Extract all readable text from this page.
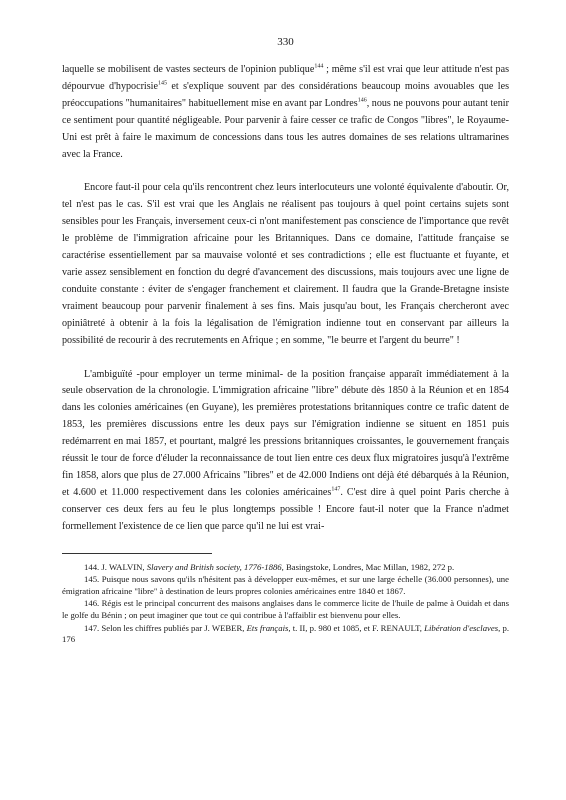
330

laquelle se mobilisent de vastes secteurs de l'opinion publique$^{144}$ ; même s'il est vrai que leur attitude n'est pas dépourvue d'hypocrisie$^{145}$ et s'explique souvent par des considérations beaucoup moins avouables que les préoccupations "humanitaires" habituellement mise en avant par Londres$^{146}$, nous ne pouvons pour autant tenir ce sentiment pour quantité négligeable. Pour parvenir à faire cesser ce trafic de Congos "libres", le Royaume-Uni est prêt à faire le maximum de concessions dans tous les autres domaines de ses relations ultramarines avec la France.

Encore faut-il pour cela qu'ils rencontrent chez leurs interlocuteurs une volonté équivalente d'aboutir. Or, tel n'est pas le cas. S'il est vrai que les Anglais ne réalisent pas toujours à quel point certains sujets sont sensibles pour les Français, inversement ceux-ci n'ont manifestement pas conscience de l'importance que revêt le problème de l'immigration africaine pour les Britanniques. Dans ce domaine, l'attitude française se caractérise essentiellement par sa mauvaise volonté et ses contradictions ; elle est fluctuante et fuyante, et varie assez sensiblement en fonction du degré d'avancement des discussions, mais toujours avec une ligne de conduite constante : éviter de s'engager franchement et clairement. Il faudra que la Grande-Bretagne insiste vraiment beaucoup pour parvenir finalement à ses fins. Mais jusqu'au bout, les Français chercheront avec opiniâtreté à obtenir à la fois la légalisation de l'émigration indienne tout en conservant par ailleurs la possibilité de recourir à des recrutements en Afrique ; en somme, "le beurre et l'argent du beurre" !

L'ambiguïté -pour employer un terme minimal- de la position française apparaît immédiatement à la seule observation de la chronologie. L'immigration africaine "libre" débute dès 1850 à la Réunion et en 1854 dans les colonies américaines (en Guyane), les premières protestations britanniques contre ce trafic datent de 1853, les premières discussions entre les deux pays sur l'émigration indienne se situent en 1851 puis redémarrent en mai 1857, et pourtant, malgré les pressions britanniques croissantes, le gouvernement français réussit le tour de force d'éluder la reconnaissance de tout lien entre ces deux flux migratoires jusqu'à l'extrême fin 1858, alors que plus de 27.000 Africains "libres" et de 42.000 Indiens ont déjà été débarqués à la Réunion, et 4.600 et 11.000 respectivement dans les colonies américaines$^{147}$. C'est dire à quel point Paris cherche à conserver ces deux fers au feu le plus longtemps possible ! Encore faut-il noter que la France n'admet formellement l'existence de ce lien que parce qu'il ne lui est vrai-

144. J. WALVIN, Slavery and British society, 1776-1886, Basingstoke, Londres, Mac Millan, 1982, 272 p.

145. Puisque nous savons qu'ils n'hésitent pas à développer eux-mêmes, et sur une large échelle (36.000 personnes), une émigration africaine "libre" à destination de leurs propres colonies américaines entre 1840 et 1867.

146. Régis est le principal concurrent des maisons anglaises dans le commerce licite de l'huile de palme à Ouidah et dans le golfe du Bénin ; on peut imaginer que tout ce qui contribue à l'affaiblir est bienvenu pour elles.

147. Selon les chiffres publiés par J. WEBER, Ets français, t. II, p. 980 et 1085, et F. RENAULT, Libération d'esclaves, p. 176
